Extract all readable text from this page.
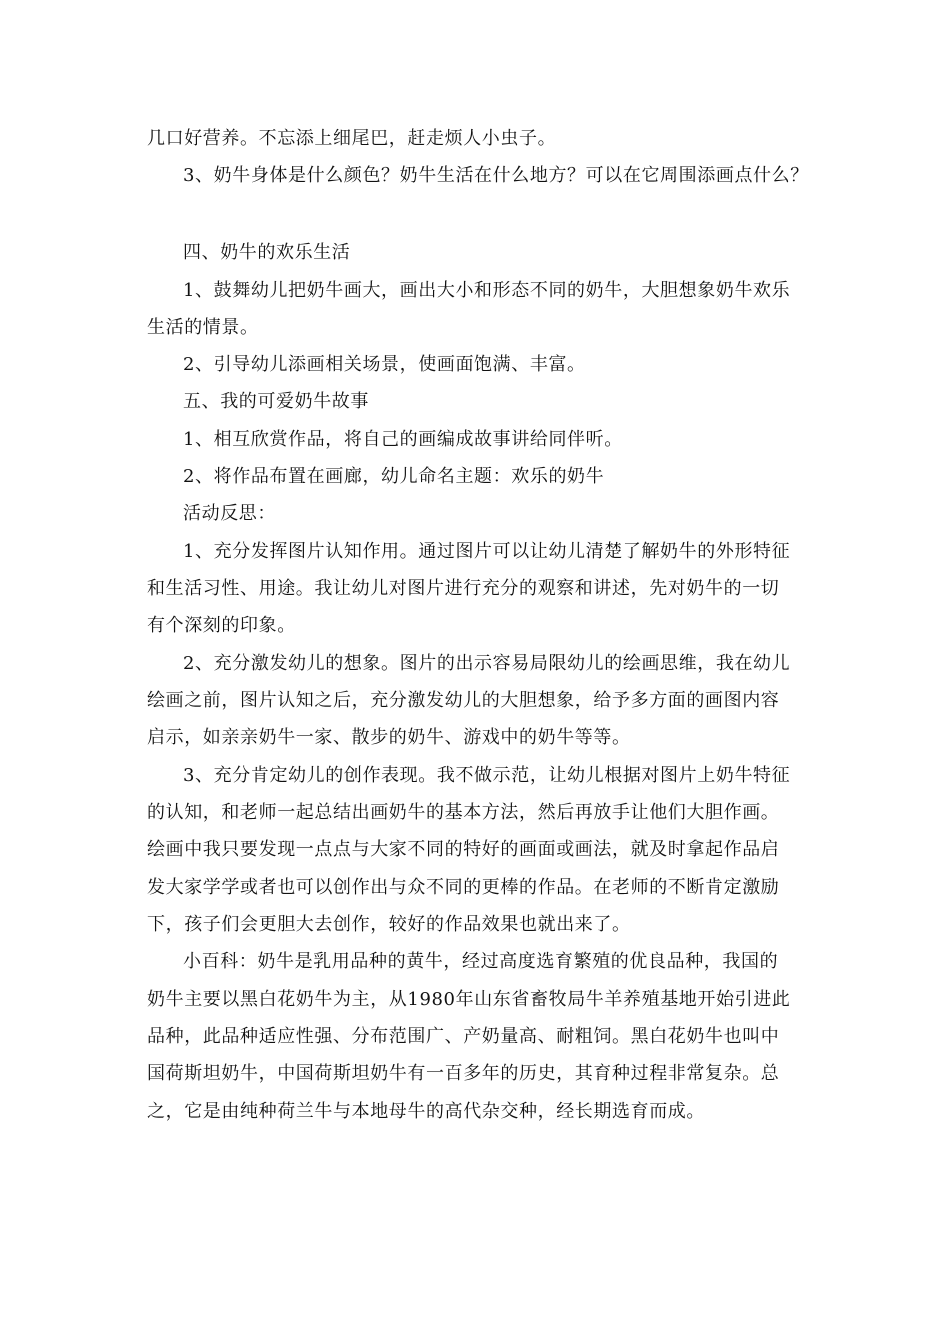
几口好营养。不忘添上细尾巴，赶走烦人小虫子。
3、奶牛身体是什么颜色？奶牛生活在什么地方？可以在它周围添画点什么？
四、奶牛的欢乐生活
1、鼓舞幼儿把奶牛画大，画出大小和形态不同的奶牛，大胆想象奶牛欢乐
生活的情景。
2、引导幼儿添画相关场景，使画面饱满、丰富。
五、我的可爱奶牛故事
1、相互欣赏作品，将自己的画编成故事讲给同伴听。
2、将作品布置在画廊，幼儿命名主题：欢乐的奶牛
活动反思：
1、充分发挥图片认知作用。通过图片可以让幼儿清楚了解奶牛的外形特征
和生活习性、用途。我让幼儿对图片进行充分的观察和讲述，先对奶牛的一切
有个深刻的印象。
2、充分激发幼儿的想象。图片的出示容易局限幼儿的绘画思维，我在幼儿
绘画之前，图片认知之后，充分激发幼儿的大胆想象，给予多方面的画图内容
启示，如亲亲奶牛一家、散步的奶牛、游戏中的奶牛等等。
3、充分肯定幼儿的创作表现。我不做示范，让幼儿根据对图片上奶牛特征
的认知，和老师一起总结出画奶牛的基本方法，然后再放手让他们大胆作画。
绘画中我只要发现一点点与大家不同的特好的画面或画法，就及时拿起作品启
发大家学学或者也可以创作出与众不同的更棒的作品。在老师的不断肯定激励
下，孩子们会更胆大去创作，较好的作品效果也就出来了。
小百科：奶牛是乳用品种的黄牛，经过高度选育繁殖的优良品种，我国的
奶牛主要以黑白花奶牛为主，从1980年山东省畜牧局牛羊养殖基地开始引进此
品种，此品种适应性强、分布范围广、产奶量高、耐粗饲。黑白花奶牛也叫中
国荷斯坦奶牛，中国荷斯坦奶牛有一百多年的历史，其育种过程非常复杂。总
之，它是由纯种荷兰牛与本地母牛的高代杂交种，经长期选育而成。
